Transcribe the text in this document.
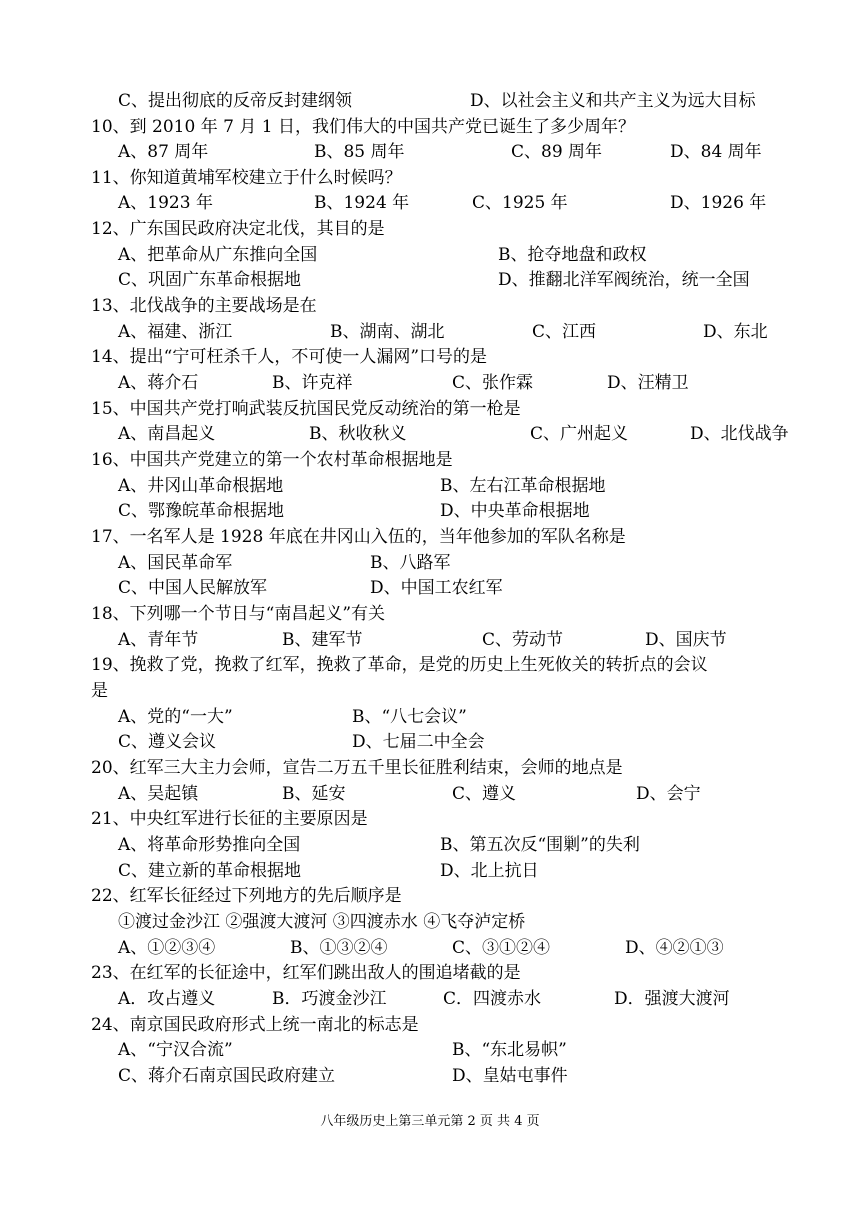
C、提出彻底的反帝反封建纲领	D、以社会主义和共产主义为远大目标
10、到 2010 年 7 月 1 日，我们伟大的中国共产党已诞生了多少周年？
A、87 周年	B、85 周年	C、89 周年	D、84 周年
11、你知道黄埔军校建立于什么时候吗？
A、1923 年	B、1924 年	C、1925 年	D、1926 年
12、广东国民政府决定北伐，其目的是
A、把革命从广东推向全国	B、抢夺地盘和政权
C、巩固广东革命根据地	D、推翻北洋军阀统治，统一全国
13、北伐战争的主要战场是在
A、福建、浙江	B、湖南、湖北	C、江西	D、东北
14、提出“宁可枉杀千人，不可使一人漏网”口号的是
A、蒋介石	B、许克祥	C、张作霖	D、汪精卫
15、中国共产党打响武装反抗国民党反动统治的第一枪是
A、南昌起义	B、秋收秋义	C、广州起义	D、北伐战争
16、中国共产党建立的第一个农村革命根据地是
A、井冈山革命根据地	B、左右江革命根据地
C、鄂豫皖革命根据地	D、中央革命根据地
17、一名军人是 1928 年底在井冈山入伍的，当年他参加的军队名称是
A、国民革命军	B、八路军
C、中国人民解放军	D、中国工农红军
18、下列哪一个节日与“南昌起义”有关
A、青年节	B、建军节	C、劳动节	D、国庆节
19、挽救了党，挽救了红军，挽救了革命，是党的历史上生死攸关的转折点的会议
是
A、党的“一大”	B、“八七会议”
C、遵义会议	D、七届二中全会
20、红军三大主力会师，宣告二万五千里长征胜利结束，会师的地点是
A、吴起镇	B、延安	C、遵义	D、会宁
21、中央红军进行长征的主要原因是
A、将革命形势推向全国	B、第五次反“围剿”的失利
C、建立新的革命根据地	D、北上抗日
22、红军长征经过下列地方的先后顺序是
①渡过金沙江 ②强渡大渡河 ③四渡赤水 ④飞夺泸定桥
A、①②③④	B、①③②④	C、③①②④	D、④②①③
23、在红军的长征途中，红军们跳出敌人的围追堵截的是
A．攻占遵义	B．巧渡金沙江	C．四渡赤水	D．强渡大渡河
24、南京国民政府形式上统一南北的标志是
A、“宁汉合流”	B、“东北易帜”
C、蒋介石南京国民政府建立	D、皇姑屯事件
八年级历史上第三单元第 2 页 共 4 页
